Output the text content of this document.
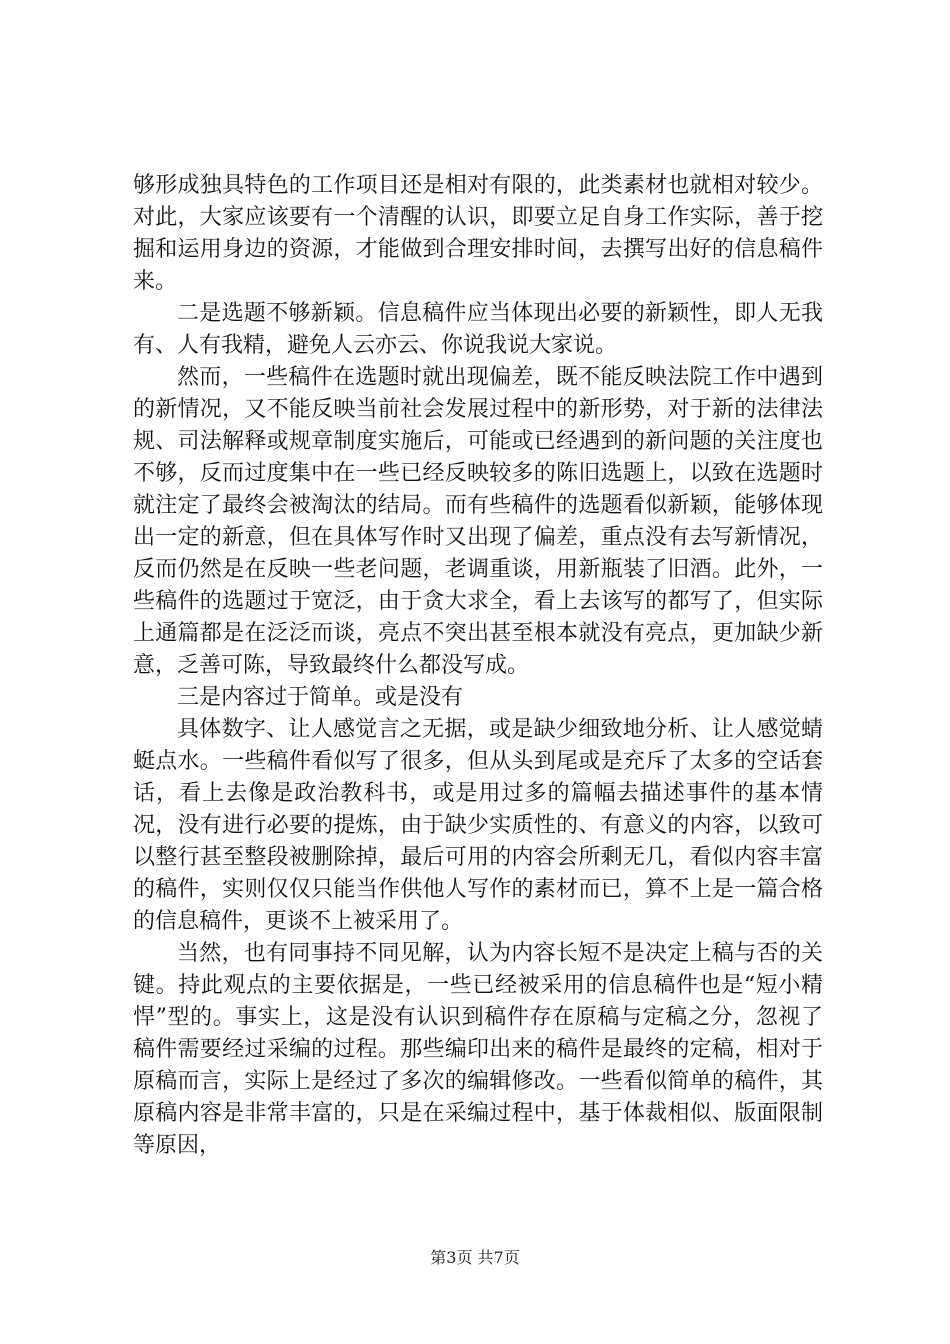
够形成独具特色的工作项目还是相对有限的，此类素材也就相对较少。对此，大家应该要有一个清醒的认识，即要立足自身工作实际，善于挖掘和运用身边的资源，才能做到合理安排时间，去撰写出好的信息稿件来。

二是选题不够新颖。信息稿件应当体现出必要的新颖性，即人无我有、人有我精，避免人云亦云、你说我说大家说。

然而，一些稿件在选题时就出现偏差，既不能反映法院工作中遇到的新情况，又不能反映当前社会发展过程中的新形势，对于新的法律法规、司法解释或规章制度实施后，可能或已经遇到的新问题的关注度也不够，反而过度集中在一些已经反映较多的陈旧选题上，以致在选题时就注定了最终会被淘汰的结局。而有些稿件的选题看似新颖，能够体现出一定的新意，但在具体写作时又出现了偏差，重点没有去写新情况，反而仍然是在反映一些老问题，老调重谈，用新瓶装了旧酒。此外，一些稿件的选题过于宽泛，由于贪大求全，看上去该写的都写了，但实际上通篇都是在泛泛而谈，亮点不突出甚至根本就没有亮点，更加缺少新意，乏善可陈，导致最终什么都没写成。

三是内容过于简单。或是没有

具体数字、让人感觉言之无据，或是缺少细致地分析、让人感觉蜻蜓点水。一些稿件看似写了很多，但从头到尾或是充斥了太多的空话套话，看上去像是政治教科书，或是用过多的篇幅去描述事件的基本情况，没有进行必要的提炼，由于缺少实质性的、有意义的内容，以致可以整行甚至整段被删除掉，最后可用的内容会所剩无几，看似内容丰富的稿件，实则仅仅只能当作供他人写作的素材而已，算不上是一篇合格的信息稿件，更谈不上被采用了。

当然，也有同事持不同见解，认为内容长短不是决定上稿与否的关键。持此观点的主要依据是，一些已经被采用的信息稿件也是“短小精悍”型的。事实上，这是没有认识到稿件存在原稿与定稿之分，忽视了稿件需要经过采编的过程。那些编印出来的稿件是最终的定稿，相对于原稿而言，实际上是经过了多次的编辑修改。一些看似简单的稿件，其原稿内容是非常丰富的，只是在采编过程中，基于体裁相似、版面限制等原因，

第3页 共7页
